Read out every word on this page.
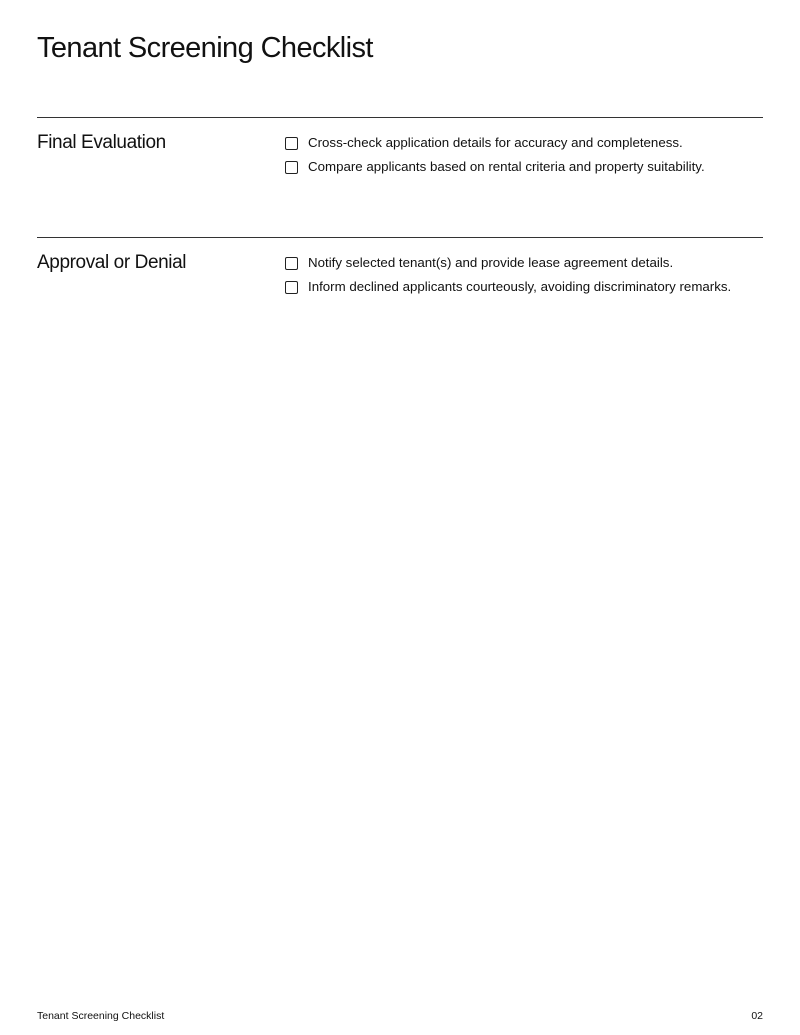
Tenant Screening Checklist
Final Evaluation	Cross-check application details for accuracy and completeness.
Compare applicants based on rental criteria and property suitability.
Approval or Denial	Notify selected tenant(s) and provide lease agreement details.
Inform declined applicants courteously, avoiding discriminatory remarks.
Tenant Screening Checklist	02
